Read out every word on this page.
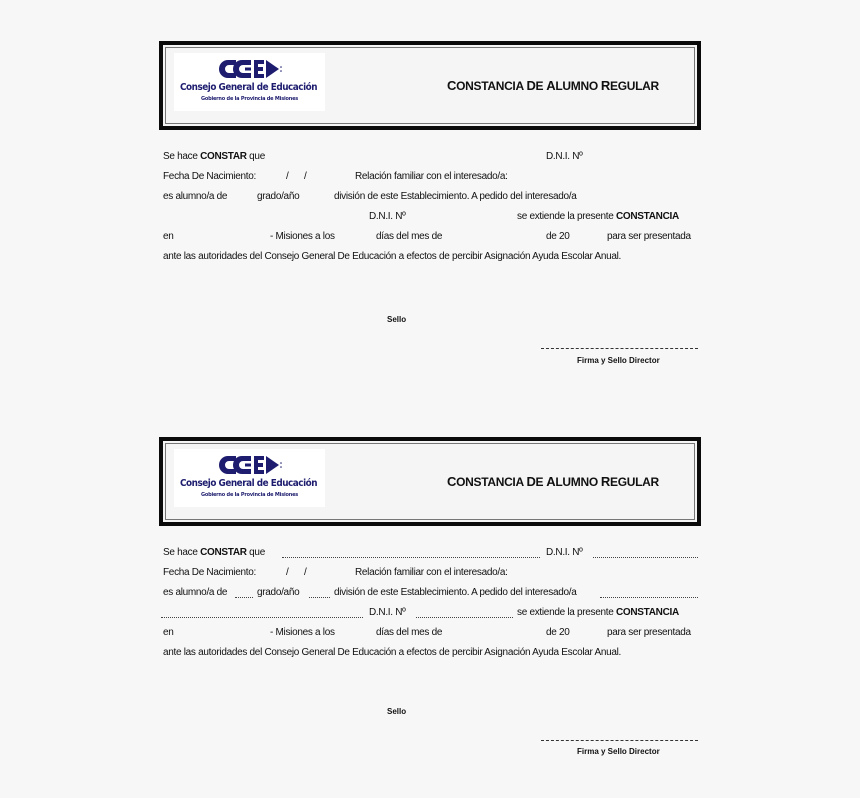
Consejo General de Educación
Gobierno de la Provincia de Misiones
CONSTANCIA DE ALUMNO REGULAR
Se hace CONSTAR que	D.N.I. Nº
Fecha De Nacimiento:	/ /	Relación familiar con el interesado/a:
es alumno/a de	grado/año	división de este Establecimiento. A pedido del interesado/a
D.N.I. Nº	se extiende la presente CONSTANCIA
en	- Misiones a los	días del mes de	de 20	para ser presentada
ante las autoridades del Consejo General De Educación a efectos de percibir Asignación Ayuda Escolar Anual.
Sello
Firma y Sello Director
Consejo General de Educación
Gobierno de la Provincia de Misiones
CONSTANCIA DE ALUMNO REGULAR
Se hace CONSTAR que	D.N.I. Nº
Fecha De Nacimiento:	/ /	Relación familiar con el interesado/a:
es alumno/a de	grado/año	división de este Establecimiento. A pedido del interesado/a
D.N.I. Nº	se extiende la presente CONSTANCIA
en	- Misiones a los	días del mes de	de 20	para ser presentada
ante las autoridades del Consejo General De Educación a efectos de percibir Asignación Ayuda Escolar Anual.
Sello
Firma y Sello Director
